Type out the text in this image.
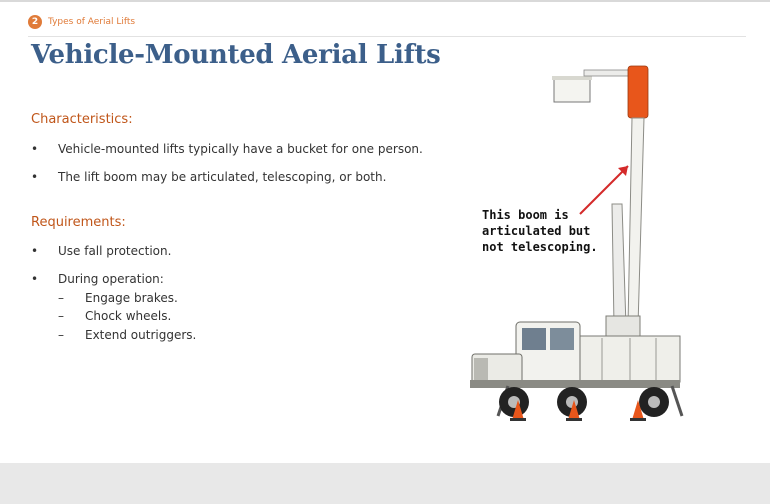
2	Types of Aerial Lifts
Vehicle-Mounted Aerial Lifts
Characteristics:
• Vehicle-mounted lifts typically have a bucket for one person.
• The lift boom may be articulated, telescoping, or both.
Requirements:
• Use fall protection.
• During operation:
– Engage brakes.
– Chock wheels.
– Extend outriggers.
This boom is articulated but not telescoping.
